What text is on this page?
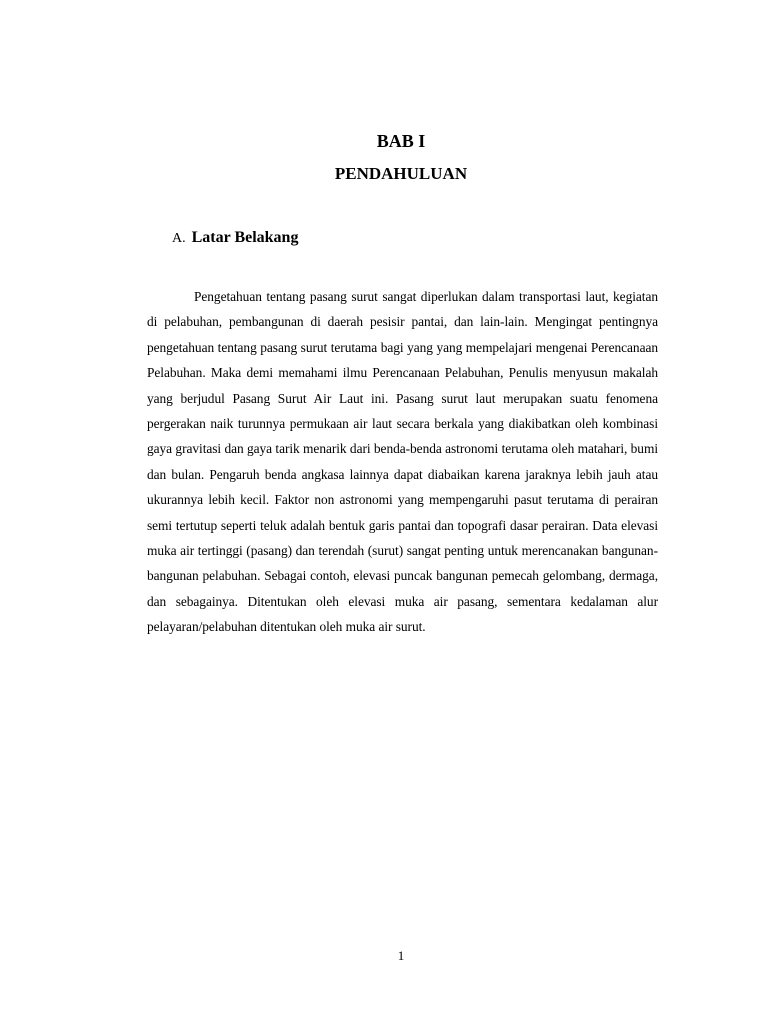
BAB I
PENDAHULUAN
A. Latar Belakang

Pengetahuan tentang pasang surut sangat diperlukan dalam transportasi laut, kegiatan di pelabuhan, pembangunan di daerah pesisir pantai, dan lain-lain. Mengingat pentingnya pengetahuan tentang pasang surut terutama bagi yang yang mempelajari mengenai Perencanaan Pelabuhan. Maka demi memahami ilmu Perencanaan Pelabuhan, Penulis menyusun makalah yang berjudul Pasang Surut Air Laut ini. Pasang surut laut merupakan suatu fenomena pergerakan naik turunnya permukaan air laut secara berkala yang diakibatkan oleh kombinasi gaya gravitasi dan gaya tarik menarik dari benda-benda astronomi terutama oleh matahari, bumi dan bulan. Pengaruh benda angkasa lainnya dapat diabaikan karena jaraknya lebih jauh atau ukurannya lebih kecil. Faktor non astronomi yang mempengaruhi pasut terutama di perairan semi tertutup seperti teluk adalah bentuk garis pantai dan topografi dasar perairan. Data elevasi muka air tertinggi (pasang) dan terendah (surut) sangat penting untuk merencanakan bangunan-bangunan pelabuhan. Sebagai contoh, elevasi puncak bangunan pemecah gelombang, dermaga, dan sebagainya. Ditentukan oleh elevasi muka air pasang, sementara kedalaman alur pelayaran/pelabuhan ditentukan oleh muka air surut.

1
